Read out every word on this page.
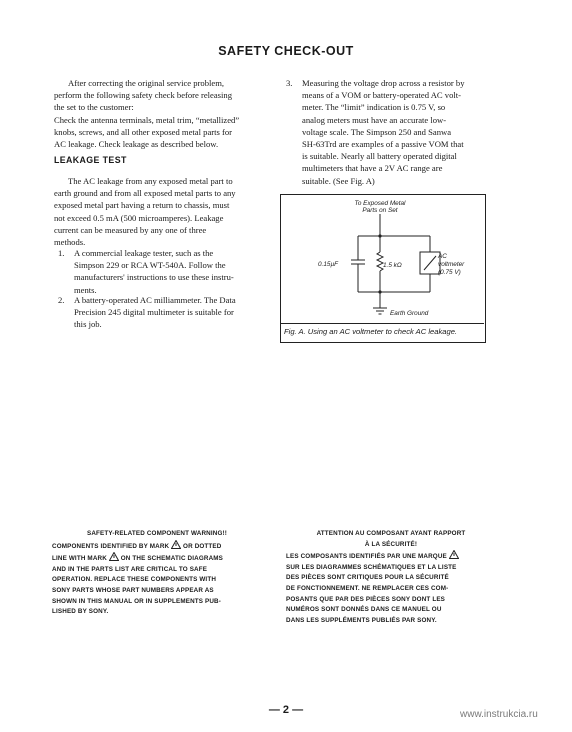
SAFETY CHECK-OUT
After correcting the original service problem,
perform the following safety check before releasing
the set to the customer:
Check the antenna terminals, metal trim, “metallized”
knobs, screws, and all other exposed metal parts for
AC leakage. Check leakage as described below.
LEAKAGE TEST
The AC leakage from any exposed metal part to
earth ground and from all exposed metal parts to any
exposed metal part having a return to chassis, must
not exceed 0.5 mA (500 microamperes). Leakage
current can be measured by any one of three
methods.
1.	A commercial leakage tester, such as the
Simpson 229 or RCA WT-540A. Follow the
manufacturers' instructions to use these instru-
ments.
2.	A battery-operated AC milliammeter. The Data
Precision 245 digital multimeter is suitable for
this job.
3.	Measuring the voltage drop across a resistor by
means of a VOM or battery-operated AC volt-
meter. The “limit” indication is 0.75 V, so
analog meters must have an accurate low-
voltage scale. The Simpson 250 and Sanwa
SH-63Trd are examples of a passive VOM that
is suitable. Nearly all battery operated digital
multimeters that have a 2V AC range are
suitable. (See Fig. A)
To Exposed Metal
Parts on Set
0.15µF	1.5 kΩ
AC
voltmeter
(0.75 V)
Earth Ground
Fig. A. Using an AC voltmeter to check AC leakage.
SAFETY-RELATED COMPONENT WARNING!!
COMPONENTS IDENTIFIED BY MARK OR DOTTED
LINE WITH MARK ON THE SCHEMATIC DIAGRAMS
AND IN THE PARTS LIST ARE CRITICAL TO SAFE
OPERATION. REPLACE THESE COMPONENTS WITH
SONY PARTS WHOSE PART NUMBERS APPEAR AS
SHOWN IN THIS MANUAL OR IN SUPPLEMENTS PUB-
LISHED BY SONY.
ATTENTION AU COMPOSANT AYANT RAPPORT
À LA SÉCURITÉ!
LES COMPOSANTS IDENTIFIÉS PAR UNE MARQUE
SUR LES DIAGRAMMES SCHÉMATIQUES ET LA LISTE
DES PIÈCES SONT CRITIQUES POUR LA SÉCURITÉ
DE FONCTIONNEMENT. NE REMPLACER CES COM-
POSANTS QUE PAR DES PIÈCES SONY DONT LES
NUMÉROS SONT DONNÉS DANS CE MANUEL OU
DANS LES SUPPLÉMENTS PUBLIÉS PAR SONY.
— 2 —	www.instrukcia.ru
